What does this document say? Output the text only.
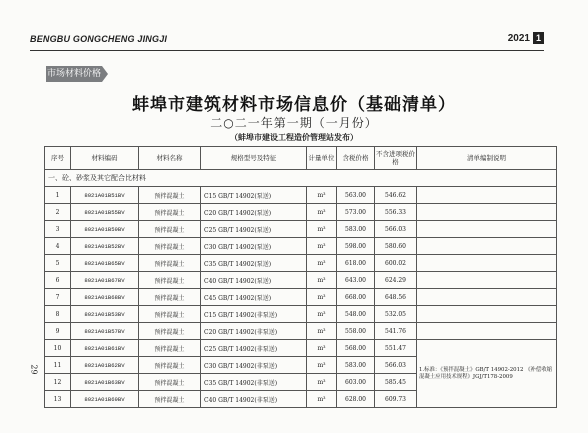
BENGBU GONGCHENG JINGJI	2021 1
市场材料价格
蚌埠市建筑材料市场信息价（基础清单）
二○二一年第一期（一月份）
（蚌埠市建设工程造价管理站发布）
29
序号	材料编码	材料名称	规格型号及特征	计量单位	含税价格	不含进项税价格	清单编制说明
一、砼、砂浆及其它配合比材料							
1	8021A01B51BV	预拌混凝土	C15 GB/T 14902(泵送)	m³	563.00	546.62	
2	8021A01B55BV	预拌混凝土	C20 GB/T 14902(泵送)	m³	573.00	556.33	
3	8021A01B59BV	预拌混凝土	C25 GB/T 14902(泵送)	m³	583.00	566.03	
4	8021A01B52BV	预拌混凝土	C30 GB/T 14902(泵送)	m³	598.00	580.60	
5	8021A01B65BV	预拌混凝土	C35 GB/T 14902(泵送)	m³	618.00	600.02	
6	8021A01B67BV	预拌混凝土	C40 GB/T 14902(泵送)	m³	643.00	624.29	
7	8021A01B68BV	预拌混凝土	C45 GB/T 14902(泵送)	m³	668.00	648.56	
8	8021A01B53BV	预拌混凝土	C15 GB/T 14902(非泵送)	m³	548.00	532.05	
9	8021A01B57BV	预拌混凝土	C20 GB/T 14902(非泵送)	m³	558.00	541.76	
10	8021A01B61BV	预拌混凝土	C25 GB/T 14902(非泵送)	m³	568.00	551.47	1.标准：《预拌混凝土》GB/T 14902-2012 《补偿收缩混凝土应用技术规程》JGJ/T178-2009
11	8021A01B62BV	预拌混凝土	C30 GB/T 14902(非泵送)	m³	583.00	566.03	
12	8021A01B63BV	预拌混凝土	C35 GB/T 14902(非泵送)	m³	603.00	585.45	
13	8021A01B69BV	预拌混凝土	C40 GB/T 14902(非泵送)	m³	628.00	609.73	
